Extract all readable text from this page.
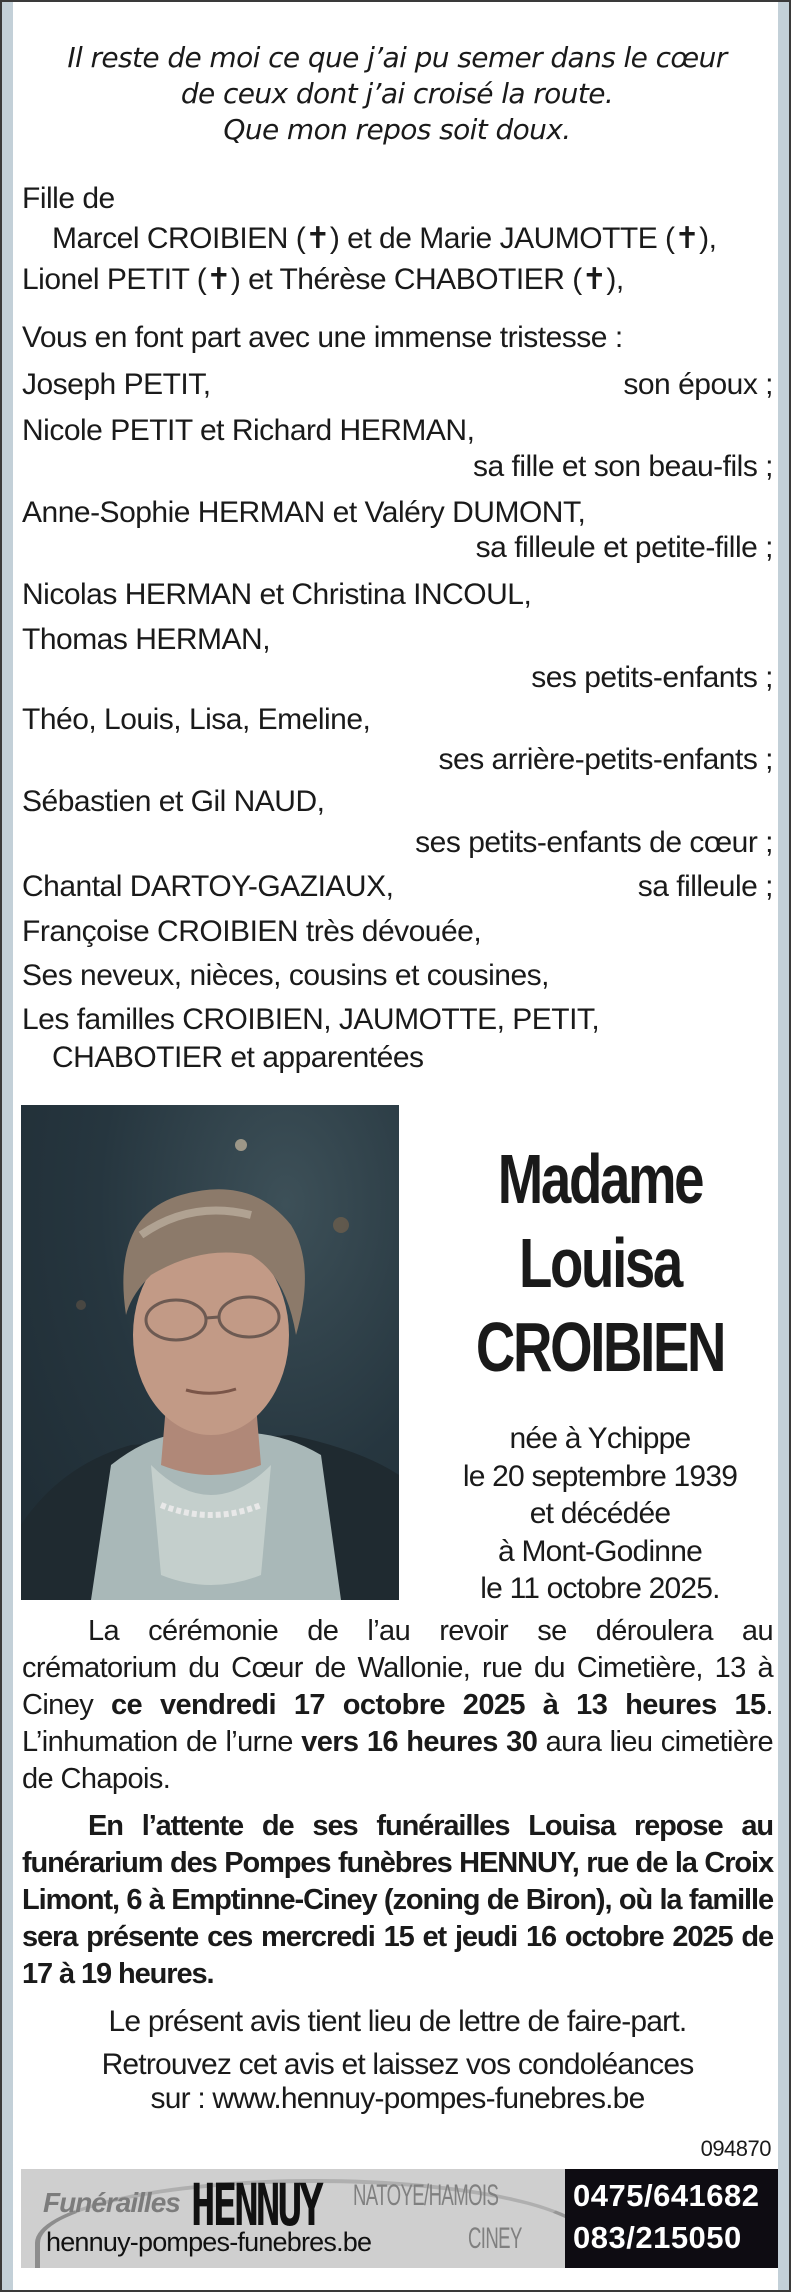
Il reste de moi ce que j’ai pu semer dans le cœur
de ceux dont j’ai croisé la route.
Que mon repos soit doux.
Fille de
Marcel CROIBIEN (✝) et de Marie JAUMOTTE (✝),
Lionel PETIT (✝) et Thérèse CHABOTIER (✝),
Vous en font part avec une immense tristesse :
Joseph PETIT,	son époux ;
Nicole PETIT et Richard HERMAN,
sa fille et son beau-fils ;
Anne-Sophie HERMAN et Valéry DUMONT,
sa filleule et petite-fille ;
Nicolas HERMAN et Christina INCOUL,
Thomas HERMAN,
ses petits-enfants ;
Théo, Louis, Lisa, Emeline,
ses arrière-petits-enfants ;
Sébastien et Gil NAUD,
ses petits-enfants de cœur ;
Chantal DARTOY-GAZIAUX,	sa filleule ;
Françoise CROIBIEN très dévouée,
Ses neveux, nièces, cousins et cousines,
Les familles CROIBIEN, JAUMOTTE, PETIT,
CHABOTIER et apparentées
Madame
Louisa
CROIBIEN
née à Ychippe
le 20 septembre 1939
et décédée
à Mont-Godinne
le 11 octobre 2025.
La cérémonie de l’au revoir se déroulera au crématorium du Cœur de Wallonie, rue du Cimetière, 13 à Ciney ce vendredi 17 octobre 2025 à 13 heures 15. L’inhumation de l’urne vers 16 heures 30 aura lieu cimetière de Chapois.
En l’attente de ses funérailles Louisa repose au funérarium des Pompes funèbres HENNUY, rue de la Croix Limont, 6 à Emptinne-Ciney (zoning de Biron), où la famille sera présente ces mercredi 15 et jeudi 16 octobre 2025 de 17 à 19 heures.
Le présent avis tient lieu de lettre de faire-part.
Retrouvez cet avis et laissez vos condoléances
sur : www.hennuy-pompes-funebres.be
094870
Funérailles HENNUY NATOYE/HAMOIS
CINEY
hennuy-pompes-funebres.be
0475/641682
083/215050
